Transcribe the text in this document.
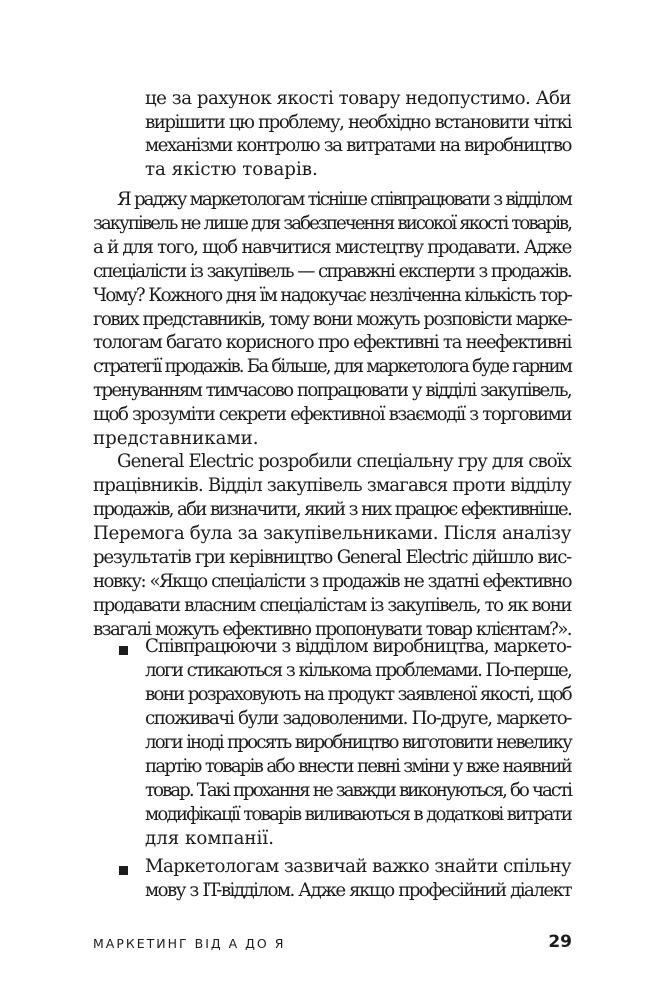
це за рахунок якості товару недопустимо. Аби
вирішити цю проблему, необхідно встановити чіткі
механізми контролю за витратами на виробництво
та якістю товарів.
Я раджу маркетологам тісніше співпрацювати з відділом
закупівель не лише для забезпечення високої якості товарів,
а й для того, щоб навчитися мистецтву продавати. Адже
спеціалісти із закупівель — справжні експерти з продажів.
Чому? Кожного дня їм надокучає незліченна кількість тор-
гових представників, тому вони можуть розповісти марке-
тологам багато корисного про ефективні та неефективні
стратегії продажів. Ба більше, для маркетолога буде гарним
тренуванням тимчасово попрацювати у відділі закупівель,
щоб зрозуміти секрети ефективної взаємодії з торговими
представниками.
General Electric розробили спеціальну гру для своїх
працівників. Відділ закупівель змагався проти відділу
продажів, аби визначити, який з них працює ефективніше.
Перемога була за закупівельниками. Після аналізу
результатів гри керівництво General Electric дійшло вис-
новку: «Якщо спеціалісти з продажів не здатні ефективно
продавати власним спеціалістам із закупівель, то як вони
взагалі можуть ефективно пропонувати товар клієнтам?».
Співпрацюючи з відділом виробництва, маркето-
логи стикаються з кількома проблемами. По-перше,
вони розраховують на продукт заявленої якості, щоб
споживачі були задоволеними. По-друге, маркето-
логи іноді просять виробництво виготовити невелику
партію товарів або внести певні зміни у вже наявний
товар. Такі прохання не завжди виконуються, бо часті
модифікації товарів виливаються в додаткові витрати
для компанії.
Маркетологам зазвичай важко знайти спільну
мову з IT-відділом. Адже якщо професійний діалект
МАРКЕТИНГ ВІД А ДО Я	29
